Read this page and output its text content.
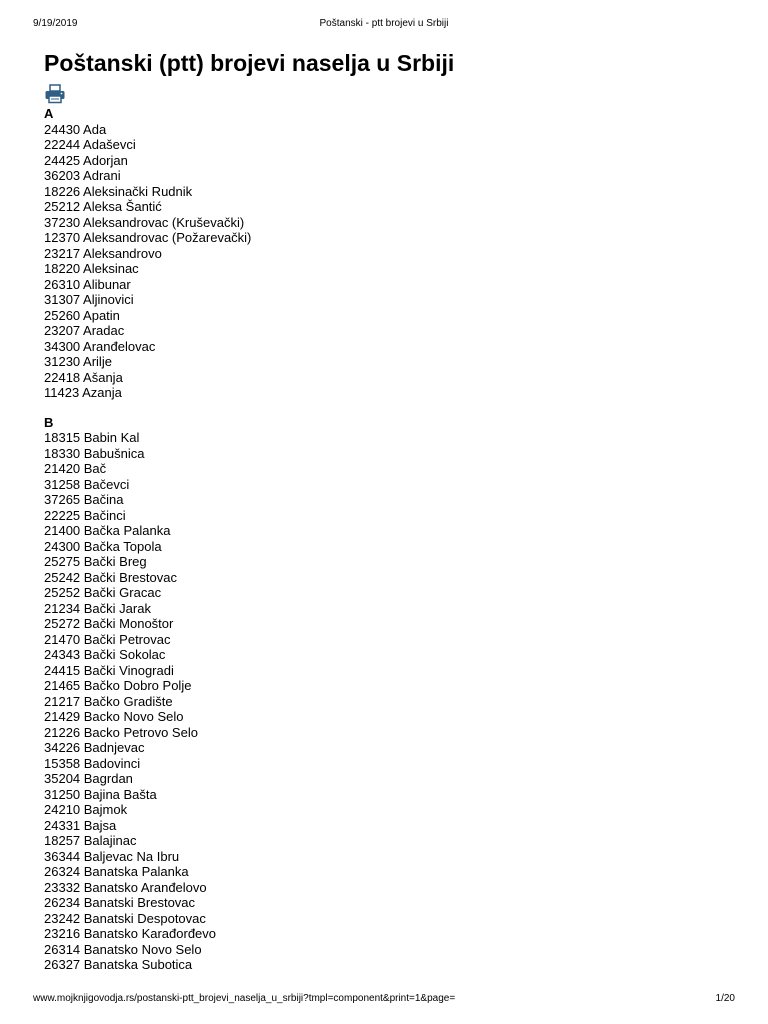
9/19/2019	Poštanski - ptt brojevi u Srbiji
Poštanski (ptt) brojevi naselja u Srbiji
A
24430 Ada
22244 Adaševci
24425 Adorjan
36203 Adrani
18226 Aleksinački Rudnik
25212 Aleksa Šantić
37230 Aleksandrovac (Kruševački)
12370 Aleksandrovac (Požarevački)
23217 Aleksandrovo
18220 Aleksinac
26310 Alibunar
31307 Aljinovici
25260 Apatin
23207 Aradac
34300 Aranđelovac
31230 Arilje
22418 Ašanja
11423 Azanja
B
18315 Babin Kal
18330 Babušnica
21420 Bač
31258 Bačevci
37265 Bačina
22225 Bačinci
21400 Bačka Palanka
24300 Bačka Topola
25275 Bački Breg
25242 Bački Brestovac
25252 Bački Gracac
21234 Bački Jarak
25272 Bački Monoštor
21470 Bački Petrovac
24343 Bački Sokolac
24415 Bački Vinogradi
21465 Bačko Dobro Polje
21217 Bačko Gradište
21429 Backo Novo Selo
21226 Backo Petrovo Selo
34226 Badnjevac
15358 Badovinci
35204 Bagrdan
31250 Bajina Bašta
24210 Bajmok
24331 Bajsa
18257 Balajinac
36344 Baljevac Na Ibru
26324 Banatska Palanka
23332 Banatsko Aranđelovo
26234 Banatski Brestovac
23242 Banatski Despotovac
23216 Banatsko Karađorđevo
26314 Banatsko Novo Selo
26327 Banatska Subotica
www.mojknjigovodja.rs/postanski-ptt_brojevi_naselja_u_srbiji?tmpl=component&print=1&page=	1/20
